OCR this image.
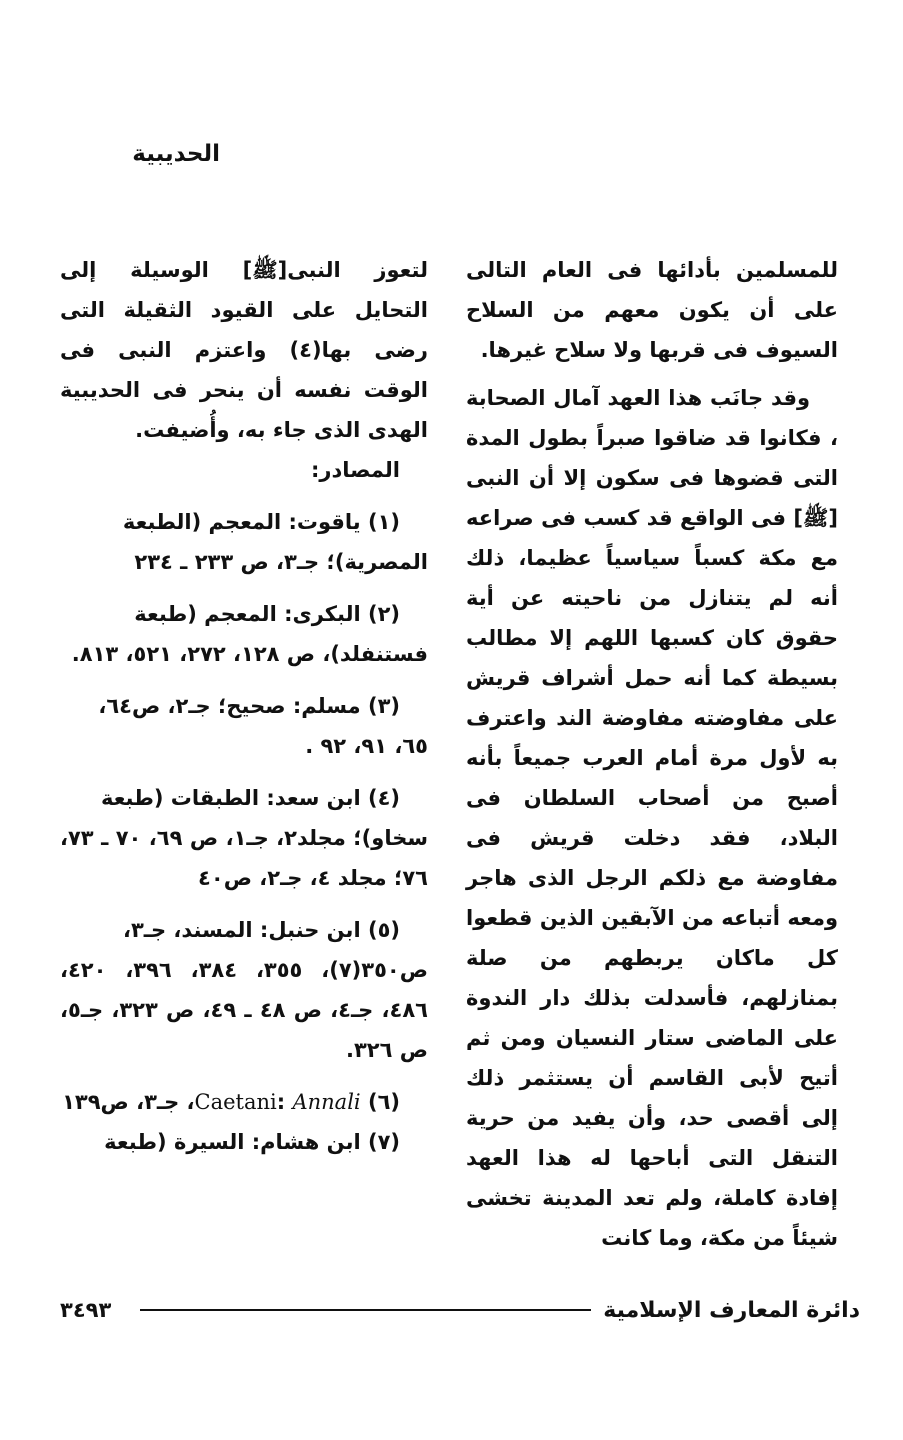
الحديبية

للمسلمين بأدائها فى العام التالى على أن يكون معهم من السلاح السيوف فى قربها ولا سلاح غيرها.

وقد جانَب هذا العهد آمال الصحابة ، فكانوا قد ضاقوا صبراً بطول المدة التى قضوها فى سكون إلا أن النبى [ﷺ] فى الواقع قد كسب فى صراعه مع مكة كسباً سياسياً عظيما، ذلك أنه لم يتنازل من ناحيته عن أية حقوق كان كسبها اللهم إلا مطالب بسيطة كما أنه حمل أشراف قريش على مفاوضته مفاوضة الند واعترف به لأول مرة أمام العرب جميعاً بأنه أصبح من أصحاب السلطان فى البلاد، فقد دخلت قريش فى مفاوضة مع ذلكم الرجل الذى هاجر ومعه أتباعه من الآبقين الذين قطعوا كل ماكان يربطهم من صلة بمنازلهم، فأسدلت بذلك دار الندوة على الماضى ستار النسيان ومن ثم أتيح لأبى القاسم أن يستثمر ذلك إلى أقصى حد، وأن يفيد من حرية التنقل التى أباحها له هذا العهد إفادة كاملة، ولم تعد المدينة تخشى شيئاً من مكة، وما كانت

لتعوز النبى[ﷺ] الوسيلة إلى التحايل على القيود الثقيلة التى رضى بها(٤) واعتزم النبى فى الوقت نفسه أن ينحر فى الحديبية الهدى الذى جاء به، وأُضيفت.

المصادر:

(١) ياقوت: المعجم (الطبعة

المصرية)؛ جـ٣، ص ٢٣٣ ـ ٢٣٤

(٢) البكرى: المعجم (طبعة

فستنفلد)، ص ١٢٨، ٢٧٢، ٥٢١، ٨١٣.

(٣) مسلم: صحيح؛ جـ٢، ص٦٤،

٦٥، ٩١، ٩٢ .

(٤) ابن سعد: الطبقات (طبعة

سخاو)؛ مجلد٢، جـ١، ص ٦٩، ٧٠ ـ ٧٣، ٧٦؛ مجلد ٤، جـ٢، ص٤٠

(٥) ابن حنبل: المسند، جـ٣،

ص٣٥٠(٧)، ٣٥٥، ٣٨٤، ٣٩٦، ٤٢٠، ٤٨٦، جـ٤، ص ٤٨ ـ ٤٩، ص ٣٢٣، جـ٥، ص ٣٢٦.

(٦) Caetani: Annali، جـ٣، ص١٣٩

(٧) ابن هشام: السيرة (طبعة

٣٤٩٣	دائرة المعارف الإسلامية
